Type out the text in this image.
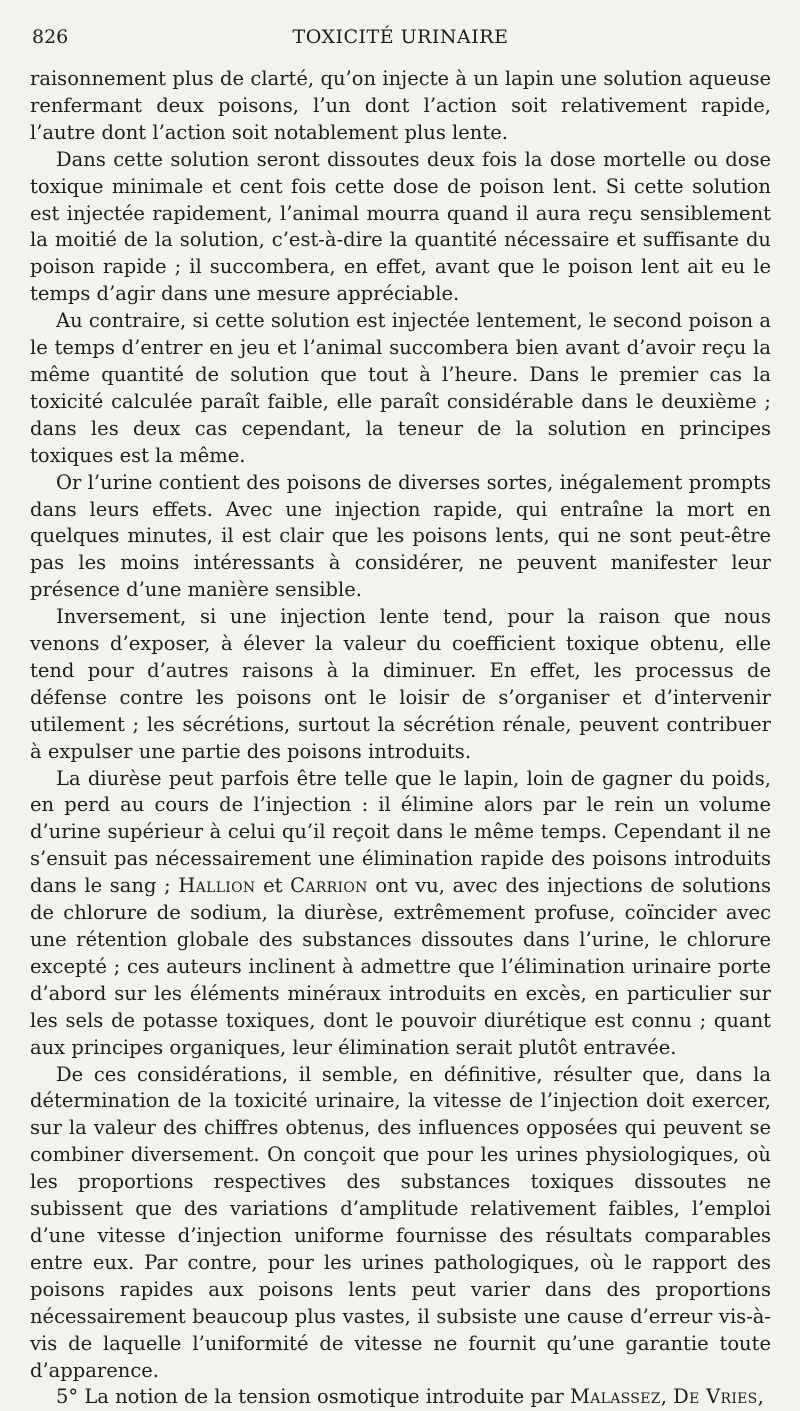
826	TOXICITÉ URINAIRE

raisonnement plus de clarté, qu’on injecte à un lapin une solution aqueuse renfermant deux poisons, l’un dont l’action soit relativement rapide, l’autre dont l’action soit notablement plus lente.

Dans cette solution seront dissoutes deux fois la dose mortelle ou dose toxique minimale et cent fois cette dose de poison lent. Si cette solution est injectée rapidement, l’animal mourra quand il aura reçu sensiblement la moitié de la solution, c’est-à-dire la quantité nécessaire et suffisante du poison rapide ; il succombera, en effet, avant que le poison lent ait eu le temps d’agir dans une mesure appréciable.

Au contraire, si cette solution est injectée lentement, le second poison a le temps d’entrer en jeu et l’animal succombera bien avant d’avoir reçu la même quantité de solution que tout à l’heure. Dans le premier cas la toxicité calculée paraît faible, elle paraît considérable dans le deuxième ; dans les deux cas cependant, la teneur de la solution en principes toxiques est la même.

Or l’urine contient des poisons de diverses sortes, inégalement prompts dans leurs effets. Avec une injection rapide, qui entraîne la mort en quelques minutes, il est clair que les poisons lents, qui ne sont peut-être pas les moins intéressants à considérer, ne peuvent manifester leur présence d’une manière sensible.

Inversement, si une injection lente tend, pour la raison que nous venons d’exposer, à élever la valeur du coefficient toxique obtenu, elle tend pour d’autres raisons à la diminuer. En effet, les processus de défense contre les poisons ont le loisir de s’organiser et d’intervenir utilement ; les sécrétions, surtout la sécrétion rénale, peuvent contribuer à expulser une partie des poisons introduits.

La diurèse peut parfois être telle que le lapin, loin de gagner du poids, en perd au cours de l’injection : il élimine alors par le rein un volume d’urine supérieur à celui qu’il reçoit dans le même temps. Cependant il ne s’ensuit pas nécessairement une élimination rapide des poisons introduits dans le sang ; Hallion et Carrion ont vu, avec des injections de solutions de chlorure de sodium, la diurèse, extrêmement profuse, coïncider avec une rétention globale des substances dissoutes dans l’urine, le chlorure excepté ; ces auteurs inclinent à admettre que l’élimination urinaire porte d’abord sur les éléments minéraux introduits en excès, en particulier sur les sels de potasse toxiques, dont le pouvoir diurétique est connu ; quant aux principes organiques, leur élimination serait plutôt entravée.

De ces considérations, il semble, en définitive, résulter que, dans la détermination de la toxicité urinaire, la vitesse de l’injection doit exercer, sur la valeur des chiffres obtenus, des influences opposées qui peuvent se combiner diversement. On conçoit que pour les urines physiologiques, où les proportions respectives des substances toxiques dissoutes ne subissent que des variations d’amplitude relativement faibles, l’emploi d’une vitesse d’injection uniforme fournisse des résultats comparables entre eux. Par contre, pour les urines pathologiques, où le rapport des poisons rapides aux poisons lents peut varier dans des proportions nécessairement beaucoup plus vastes, il subsiste une cause d’erreur vis-à-vis de laquelle l’uniformité de vitesse ne fournit qu’une garantie toute d’apparence.

5° La notion de la tension osmotique introduite par Malassez, De Vries,
